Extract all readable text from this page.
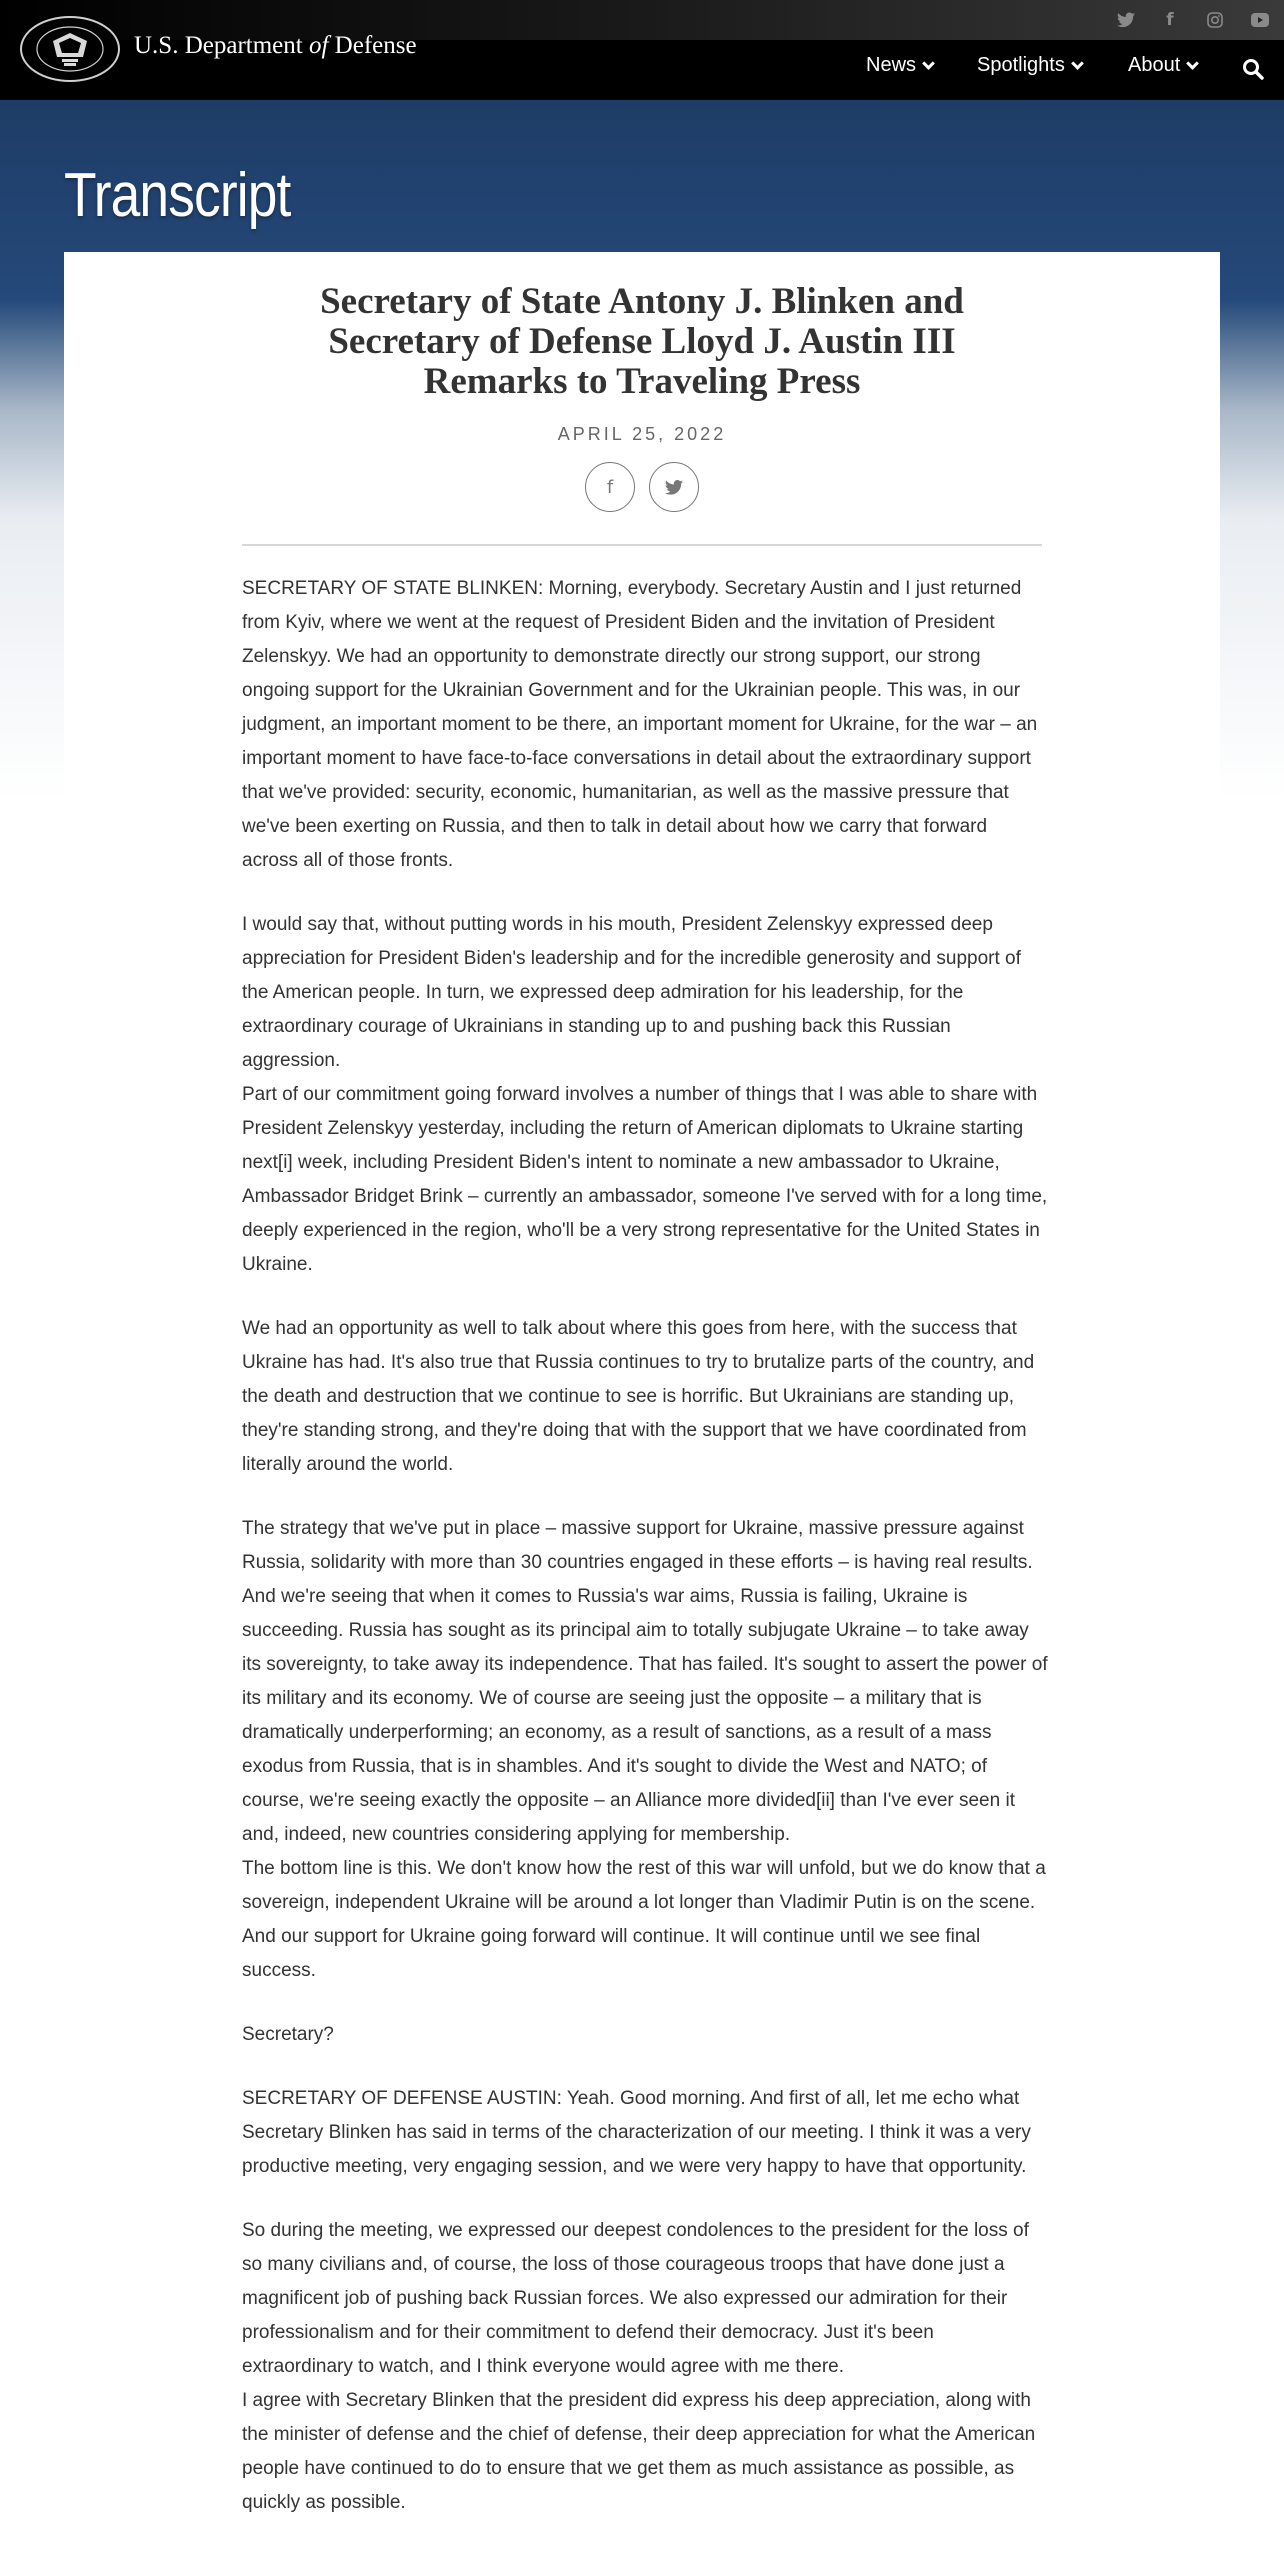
f
U.S. Department of Defense
News	Spotlights	About
Transcript
Secretary of State Antony J. Blinken and Secretary of Defense Lloyd J. Austin III Remarks to Traveling Press
APRIL 25, 2022
f

SECRETARY OF STATE BLINKEN: Morning, everybody. Secretary Austin and I just returned from Kyiv, where we went at the request of President Biden and the invitation of President Zelenskyy. We had an opportunity to demonstrate directly our strong support, our strong ongoing support for the Ukrainian Government and for the Ukrainian people. This was, in our judgment, an important moment to be there, an important moment for Ukraine, for the war – an important moment to have face-to-face conversations in detail about the extraordinary support that we've provided: security, economic, humanitarian, as well as the massive pressure that we've been exerting on Russia, and then to talk in detail about how we carry that forward across all of those fronts.

I would say that, without putting words in his mouth, President Zelenskyy expressed deep appreciation for President Biden's leadership and for the incredible generosity and support of the American people. In turn, we expressed deep admiration for his leadership, for the extraordinary courage of Ukrainians in standing up to and pushing back this Russian aggression.

Part of our commitment going forward involves a number of things that I was able to share with President Zelenskyy yesterday, including the return of American diplomats to Ukraine starting next[i] week, including President Biden's intent to nominate a new ambassador to Ukraine, Ambassador Bridget Brink – currently an ambassador, someone I've served with for a long time, deeply experienced in the region, who'll be a very strong representative for the United States in Ukraine.

We had an opportunity as well to talk about where this goes from here, with the success that Ukraine has had. It's also true that Russia continues to try to brutalize parts of the country, and the death and destruction that we continue to see is horrific. But Ukrainians are standing up, they're standing strong, and they're doing that with the support that we have coordinated from literally around the world.

The strategy that we've put in place – massive support for Ukraine, massive pressure against Russia, solidarity with more than 30 countries engaged in these efforts – is having real results. And we're seeing that when it comes to Russia's war aims, Russia is failing, Ukraine is succeeding. Russia has sought as its principal aim to totally subjugate Ukraine – to take away its sovereignty, to take away its independence. That has failed. It's sought to assert the power of its military and its economy. We of course are seeing just the opposite – a military that is dramatically underperforming; an economy, as a result of sanctions, as a result of a mass exodus from Russia, that is in shambles. And it's sought to divide the West and NATO; of course, we're seeing exactly the opposite – an Alliance more divided[ii] than I've ever seen it and, indeed, new countries considering applying for membership.

The bottom line is this. We don't know how the rest of this war will unfold, but we do know that a sovereign, independent Ukraine will be around a lot longer than Vladimir Putin is on the scene. And our support for Ukraine going forward will continue. It will continue until we see final success.

Secretary?

SECRETARY OF DEFENSE AUSTIN: Yeah. Good morning. And first of all, let me echo what Secretary Blinken has said in terms of the characterization of our meeting. I think it was a very productive meeting, very engaging session, and we were very happy to have that opportunity.

So during the meeting, we expressed our deepest condolences to the president for the loss of so many civilians and, of course, the loss of those courageous troops that have done just a magnificent job of pushing back Russian forces. We also expressed our admiration for their professionalism and for their commitment to defend their democracy. Just it's been extraordinary to watch, and I think everyone would agree with me there.

I agree with Secretary Blinken that the president did express his deep appreciation, along with the minister of defense and the chief of defense, their deep appreciation for what the American people have continued to do to ensure that we get them as much assistance as possible, as quickly as possible.
